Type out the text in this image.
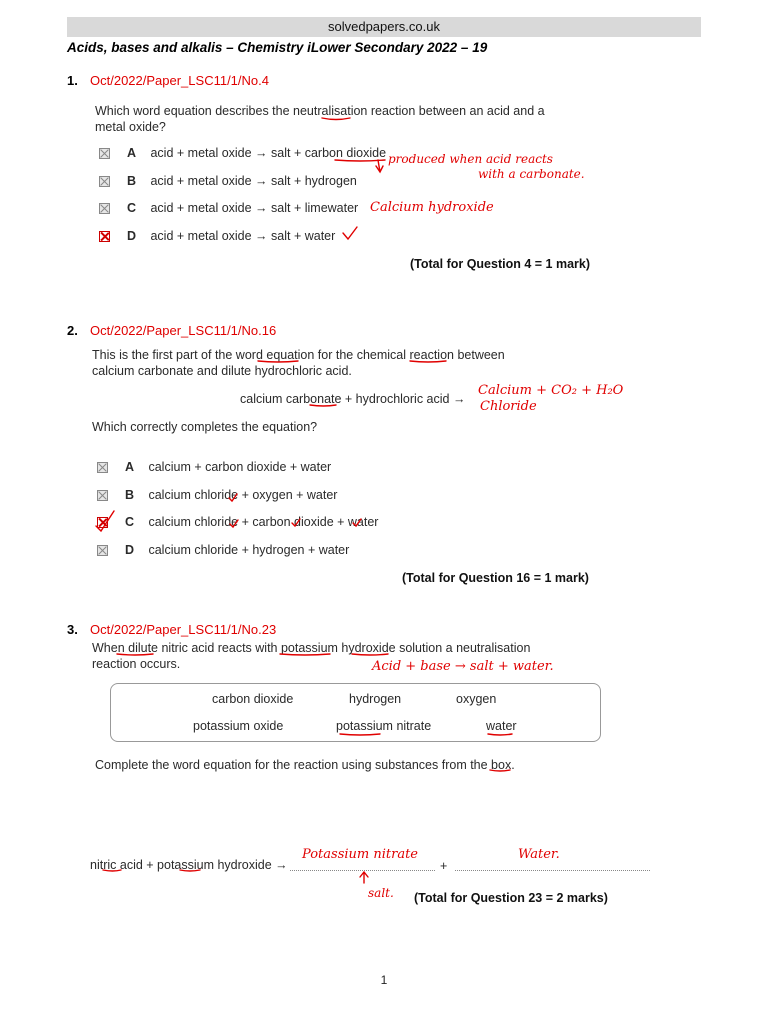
solvedpapers.co.uk
Acids, bases and alkalis – Chemistry iLower Secondary 2022 – 19
1. Oct/2022/Paper_LSC11/1/No.4
Which word equation describes the neutralisation reaction between an acid and a
metal oxide?
A acid + metal oxide → salt + carbon dioxide
B acid + metal oxide → salt + hydrogen
C acid + metal oxide → salt + limewater
D acid + metal oxide → salt + water
(Total for Question 4 = 1 mark)
produced when acid reacts
with a carbonate.
Calcium hydroxide
2. Oct/2022/Paper_LSC11/1/No.16
This is the first part of the word equation for the chemical reaction between
calcium carbonate and dilute hydrochloric acid.
calcium carbonate + hydrochloric acid →
Which correctly completes the equation?
A calcium + carbon dioxide + water
B calcium chloride + oxygen + water
C calcium chloride + carbon dioxide + water
D calcium chloride + hydrogen + water
(Total for Question 16 = 1 mark)
Calcium + CO₂ + H₂O
Chloride
3. Oct/2022/Paper_LSC11/1/No.23
When dilute nitric acid reacts with potassium hydroxide solution a neutralisation
reaction occurs.	Acid + base → salt + water.
carbon dioxide	hydrogen	oxygen
potassium oxide	potassium nitrate	water
Complete the word equation for the reaction using substances from the box.
nitric acid + potassium hydroxide →	+
Potassium nitrate	Water.
salt. (Total for Question 23 = 2 marks)
1
